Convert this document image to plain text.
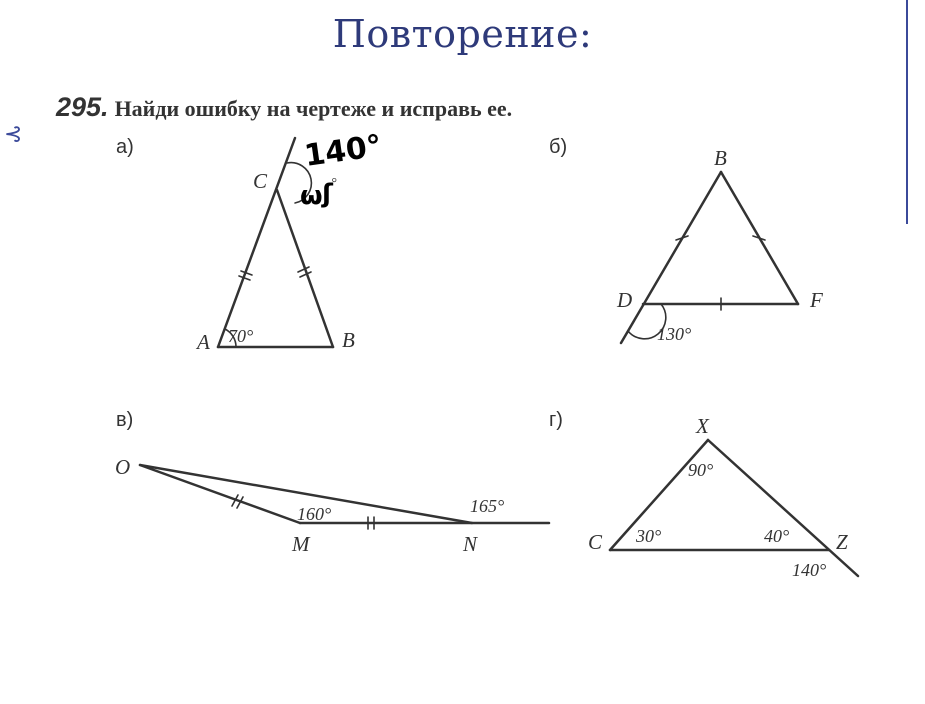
Повторение:
⊰
295. Найди ошибку на чертеже и исправь ее.
а)	б)
в)	г)
C
A	B
70°
°
140°
ω ʃ
B
D	F
130°
O
M	N
160°	165°
X
C	Z
90°
30°	40°
140°
